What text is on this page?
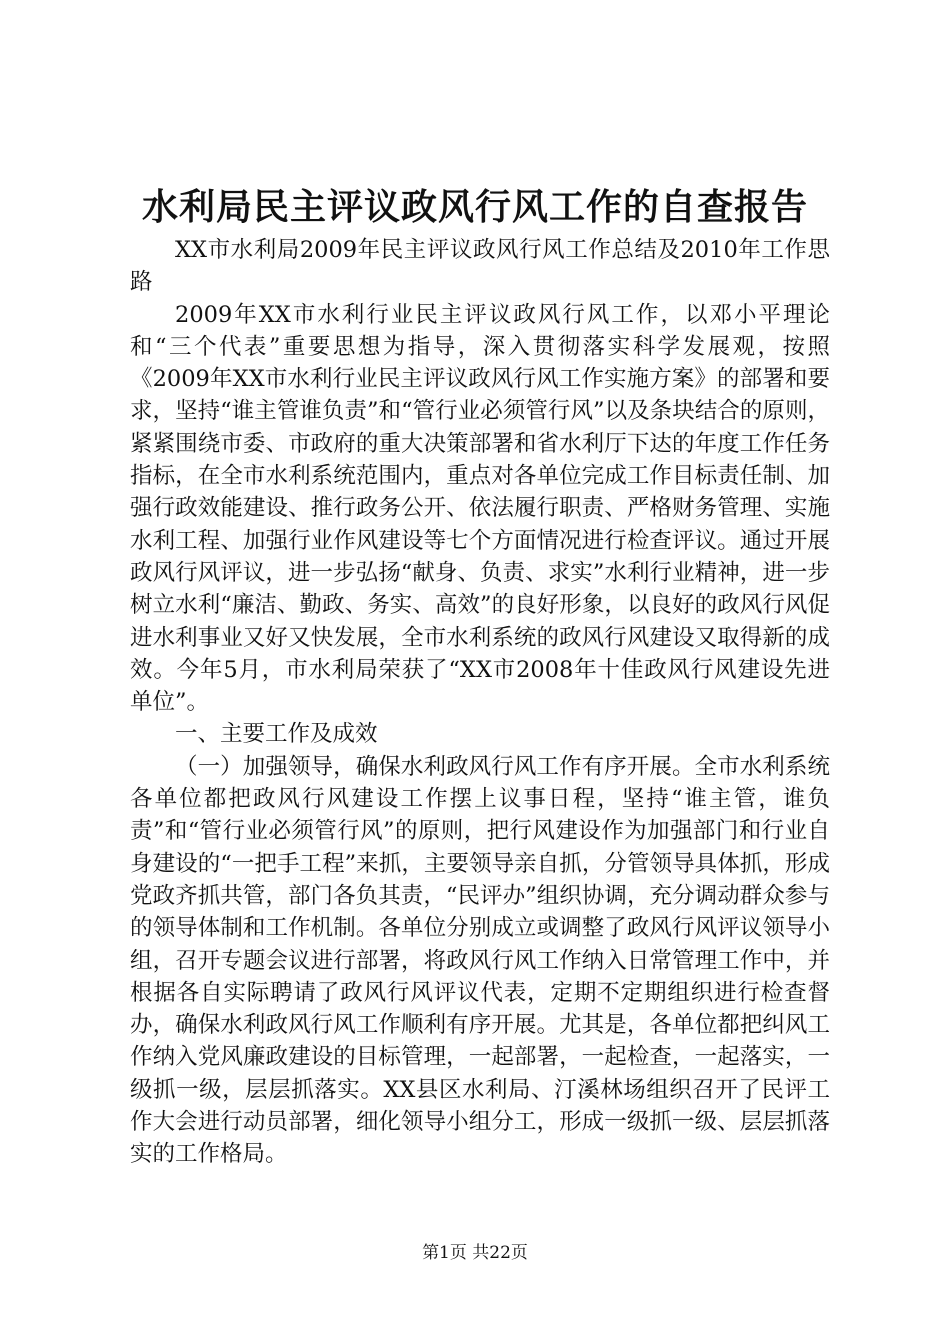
水利局民主评议政风行风工作的自查报告

XX市水利局2009年民主评议政风行风工作总结及2010年工作思路

2009年XX市水利行业民主评议政风行风工作，以邓小平理论和“三个代表”重要思想为指导，深入贯彻落实科学发展观，按照《2009年XX市水利行业民主评议政风行风工作实施方案》的部署和要求，坚持“谁主管谁负责”和“管行业必须管行风”以及条块结合的原则，紧紧围绕市委、市政府的重大决策部署和省水利厅下达的年度工作任务指标，在全市水利系统范围内，重点对各单位完成工作目标责任制、加强行政效能建设、推行政务公开、依法履行职责、严格财务管理、实施水利工程、加强行业作风建设等七个方面情况进行检查评议。通过开展政风行风评议，进一步弘扬“献身、负责、求实”水利行业精神，进一步树立水利“廉洁、勤政、务实、高效”的良好形象，以良好的政风行风促进水利事业又好又快发展，全市水利系统的政风行风建设又取得新的成效。今年5月，市水利局荣获了“XX市2008年十佳政风行风建设先进单位”。

一、主要工作及成效

（一）加强领导，确保水利政风行风工作有序开展。全市水利系统各单位都把政风行风建设工作摆上议事日程，坚持“谁主管，谁负责”和“管行业必须管行风”的原则，把行风建设作为加强部门和行业自身建设的“一把手工程”来抓，主要领导亲自抓，分管领导具体抓，形成党政齐抓共管，部门各负其责，“民评办”组织协调，充分调动群众参与的领导体制和工作机制。各单位分别成立或调整了政风行风评议领导小组，召开专题会议进行部署，将政风行风工作纳入日常管理工作中，并根据各自实际聘请了政风行风评议代表，定期不定期组织进行检查督办，确保水利政风行风工作顺利有序开展。尤其是，各单位都把纠风工作纳入党风廉政建设的目标管理，一起部署，一起检查，一起落实，一级抓一级，层层抓落实。XX县区水利局、汀溪林场组织召开了民评工作大会进行动员部署，细化领导小组分工，形成一级抓一级、层层抓落实的工作格局。

第1页 共22页
